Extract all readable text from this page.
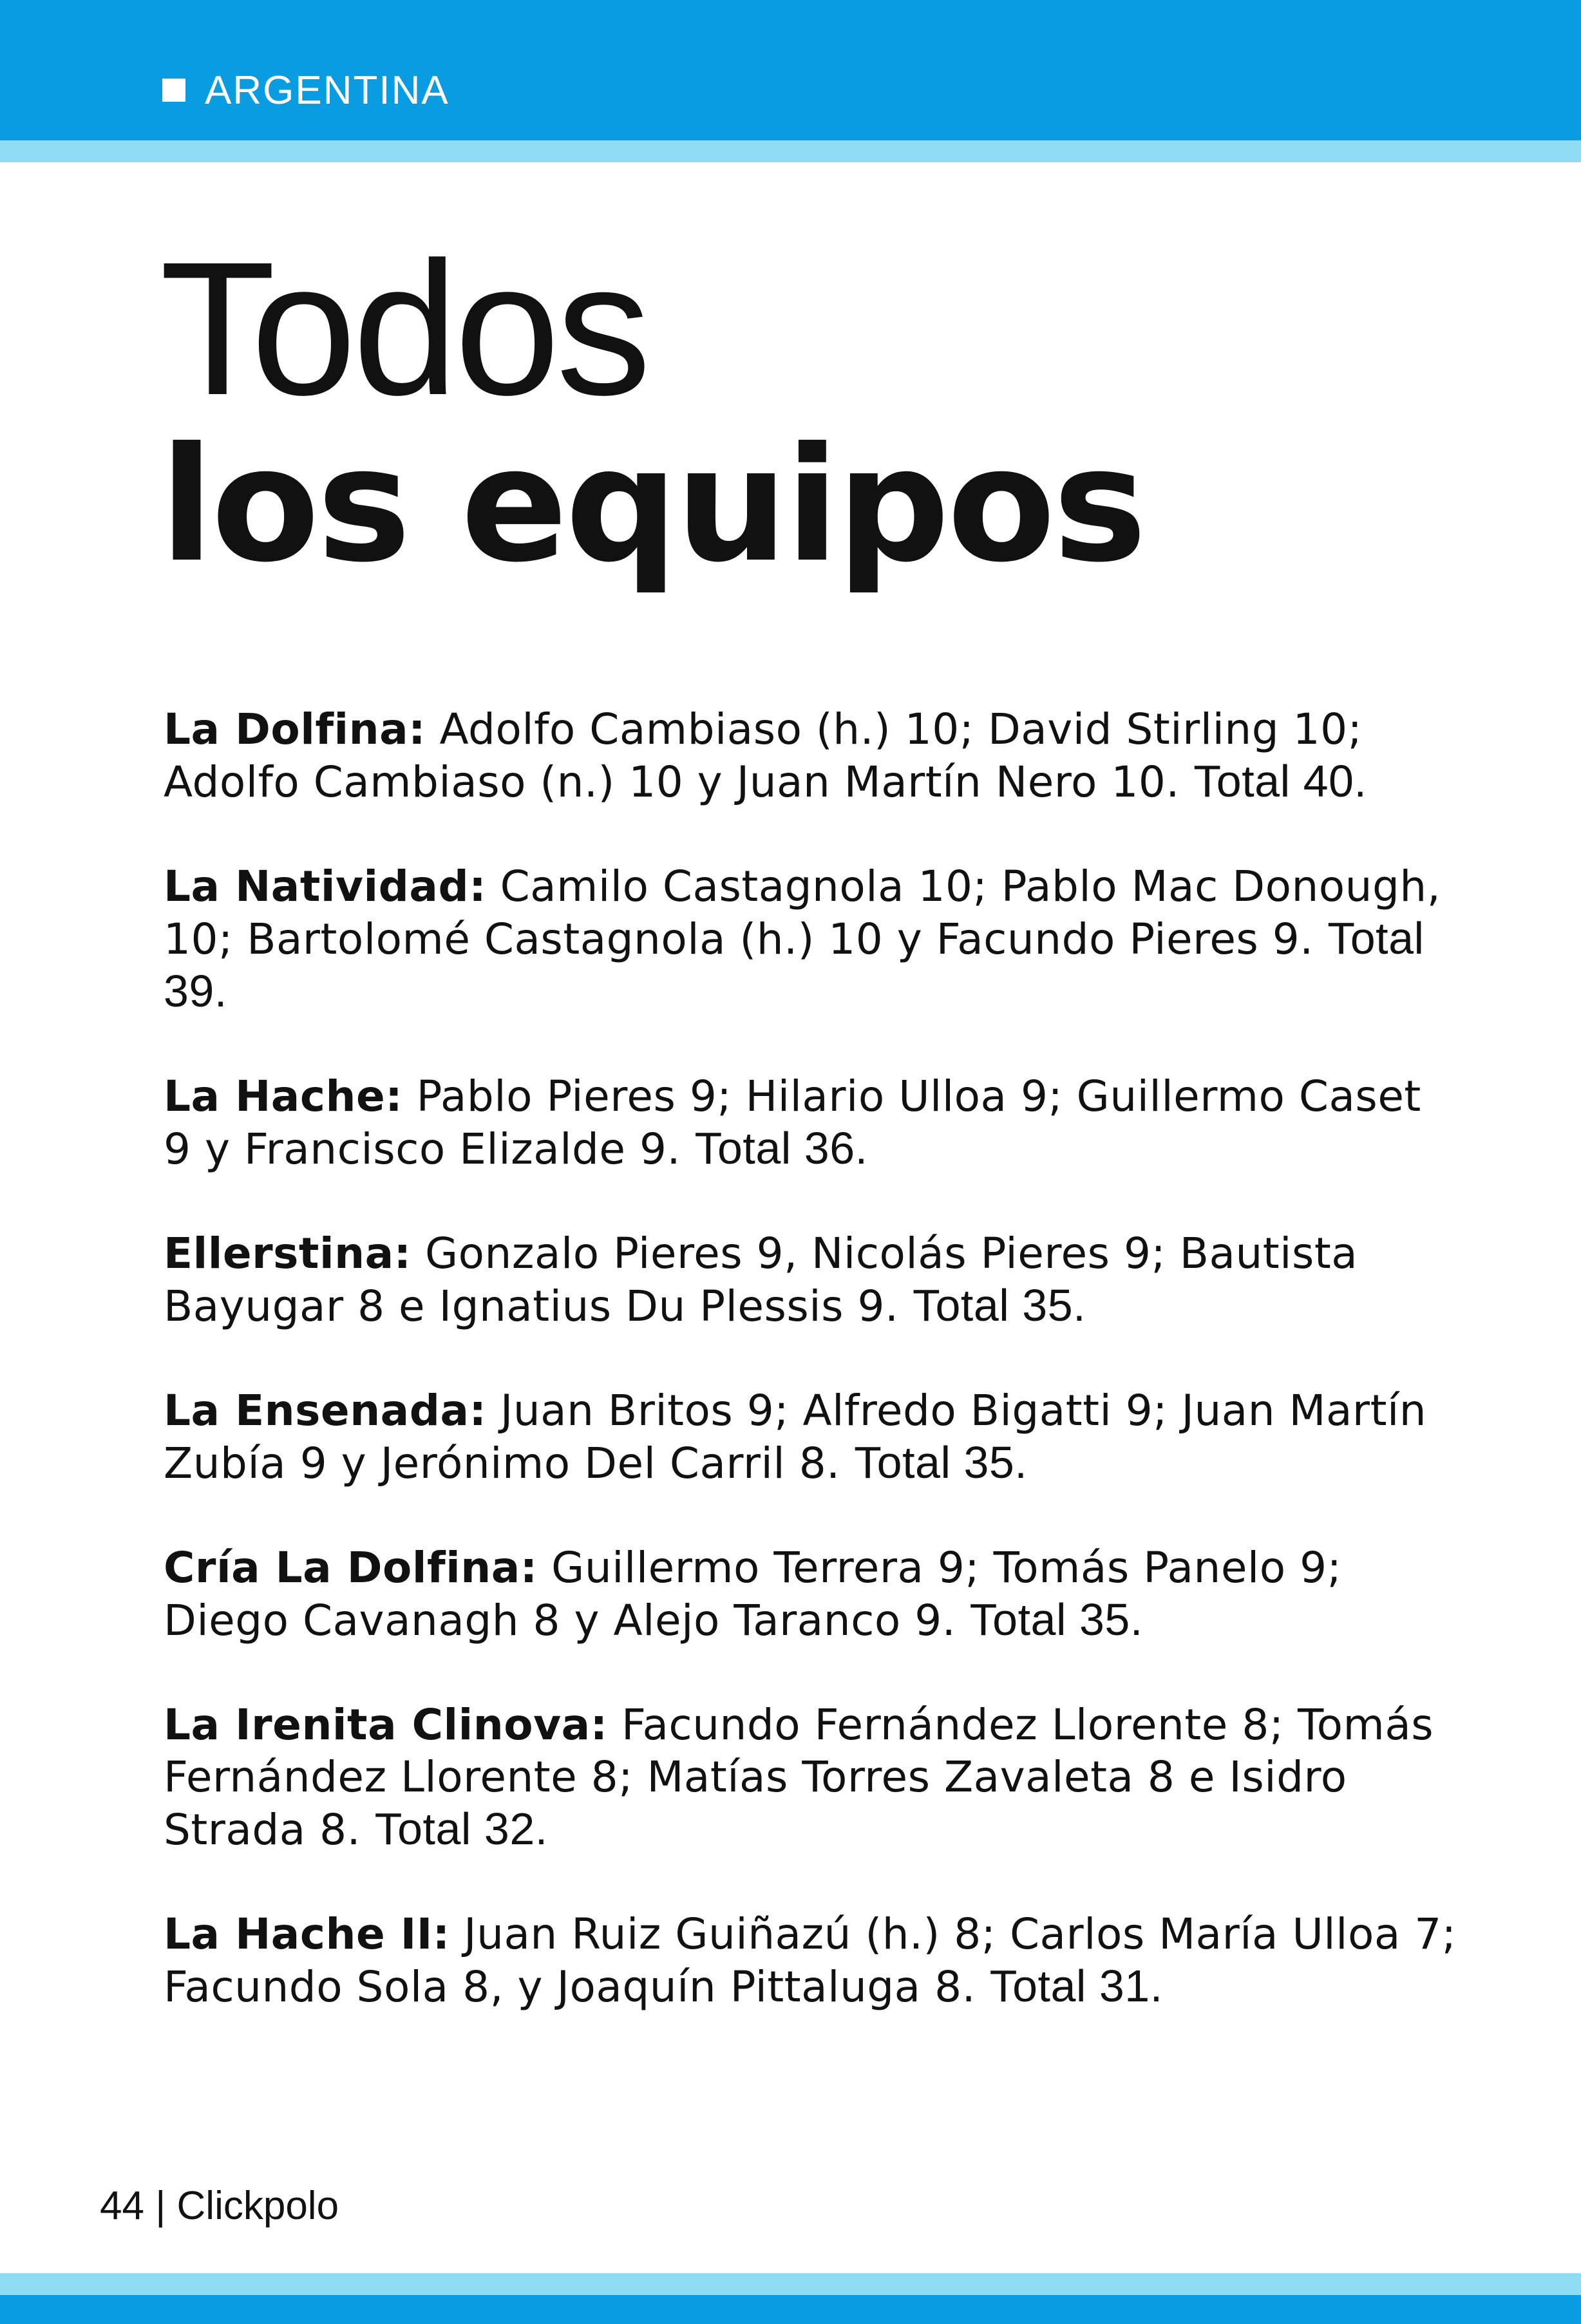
ARGENTINA
Todos
los equipos
La Dolfina: Adolfo Cambiaso (h.) 10; David Stirling 10; Adolfo Cambiaso (n.) 10 y Juan Martín Nero 10. Total 40.
La Natividad: Camilo Castagnola 10; Pablo Mac Donough, 10; Bartolomé Castagnola (h.) 10 y Facundo Pieres 9. Total 39.
La Hache: Pablo Pieres 9; Hilario Ulloa 9; Guillermo Caset 9 y Francisco Elizalde 9. Total 36.
Ellerstina: Gonzalo Pieres 9, Nicolás Pieres 9; Bautista Bayugar 8 e Ignatius Du Plessis 9. Total 35.
La Ensenada: Juan Britos 9; Alfredo Bigatti 9; Juan Martín Zubía 9 y Jerónimo Del Carril 8. Total 35.
Cría La Dolfina: Guillermo Terrera 9; Tomás Panelo 9; Diego Cavanagh 8 y Alejo Taranco 9. Total 35.
La Irenita Clinova: Facundo Fernández Llorente 8; Tomás Fernández Llorente 8; Matías Torres Zavaleta 8 e Isidro Strada 8. Total 32.
La Hache II: Juan Ruiz Guiñazú (h.) 8; Carlos María Ulloa 7; Facundo Sola 8, y Joaquín Pittaluga 8. Total 31.
44 | Clickpolo
